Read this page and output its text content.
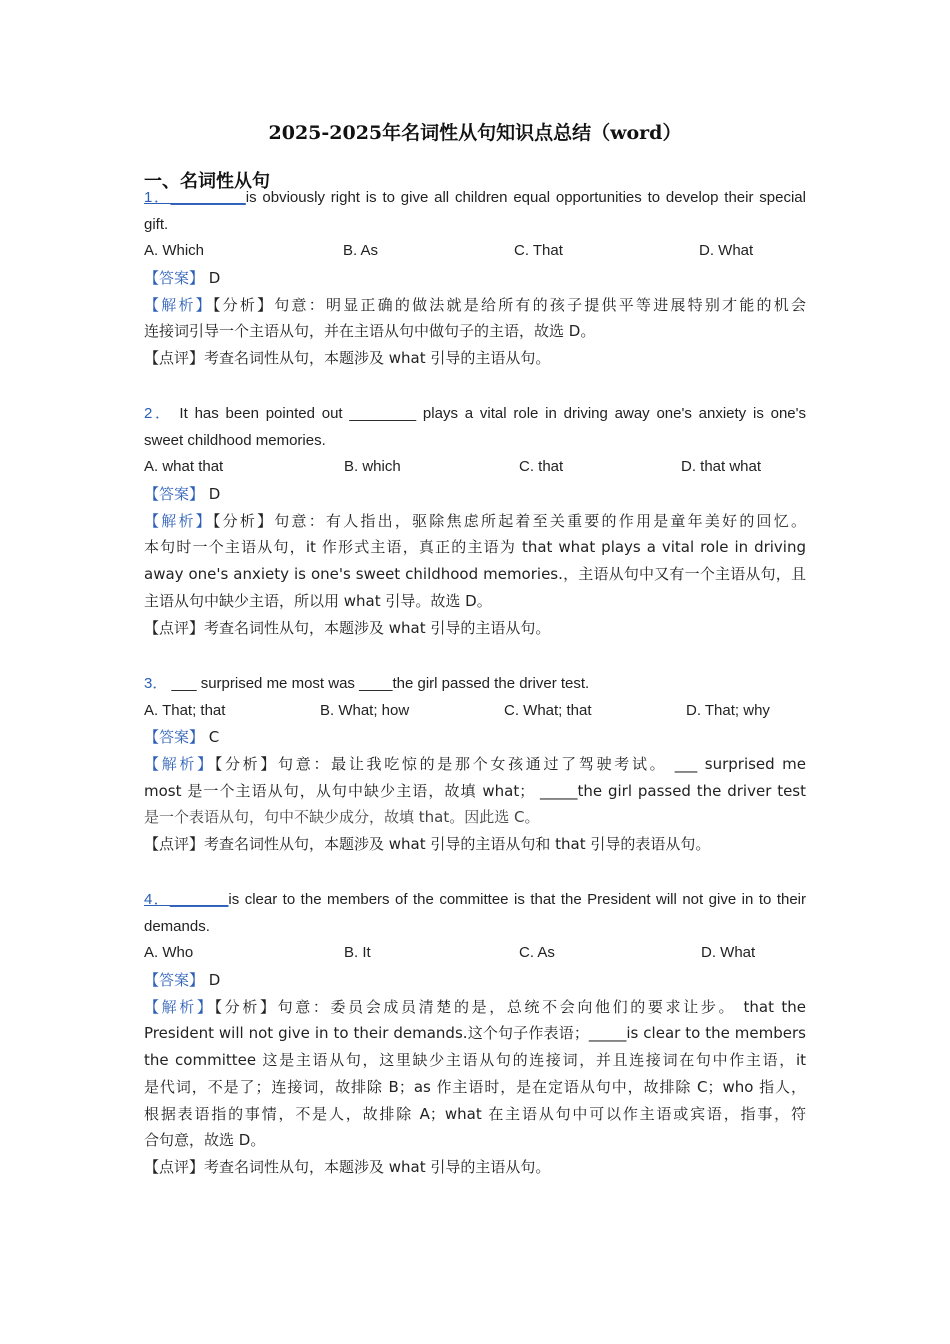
2025-2025年名词性从句知识点总结（word）
一、名词性从句
1．_________is obviously right is to give all children equal opportunities to develop their special
gift.
A. Which	B. As	C. That	D. What
【答案】 D
【解析】【分析】句意：明显正确的做法就是给所有的孩子提供平等进展特别才能的机会
连接词引导一个主语从句，并在主语从句中做句子的主语，故选 D。
【点评】考查名词性从句，本题涉及 what 引导的主语从句。
2． It has been pointed out ________ plays a vital role in driving away one's anxiety is one's
sweet childhood memories.
A. what that	B. which	C. that	D. that what
【答案】 D
【解析】【分析】句意：有人指出，驱除焦虑所起着至关重要的作用是童年美好的回忆。
本句时一个主语从句，it 作形式主语，真正的主语为 that what plays a vital role in driving
away one's anxiety is one's sweet childhood memories.，主语从句中又有一个主语从句，且
主语从句中缺少主语，所以用 what 引导。故选 D。
【点评】考查名词性从句，本题涉及 what 引导的主语从句。
3． ___ surprised me most was ____the girl passed the driver test.
A. That; that	B. What; how	C. What; that	D. That; why
【答案】 C
【解析】【分析】句意：最让我吃惊的是那个女孩通过了驾驶考试。 ___ surprised me
most 是一个主语从句，从句中缺少主语，故填 what； _____the girl passed the driver test
是一个表语从句，句中不缺少成分，故填 that。因此选 C。
【点评】考查名词性从句，本题涉及 what 引导的主语从句和 that 引导的表语从句。
4．_______is clear to the members of the committee is that the President will not give in to their
demands.
A. Who	B. It	C. As	D. What
【答案】 D
【解析】【分析】句意：委员会成员清楚的是，总统不会向他们的要求让步。 that the
President will not give in to their demands.这个句子作表语；_____is clear to the members
the committee 这是主语从句，这里缺少主语从句的连接词，并且连接词在句中作主语，it
是代词，不是了；连接词，故排除 B；as 作主语时，是在定语从句中，故排除 C；who 指人，
根据表语指的事情，不是人，故排除 A；what 在主语从句中可以作主语或宾语，指事，符
合句意，故选 D。
【点评】考查名词性从句，本题涉及 what 引导的主语从句。
